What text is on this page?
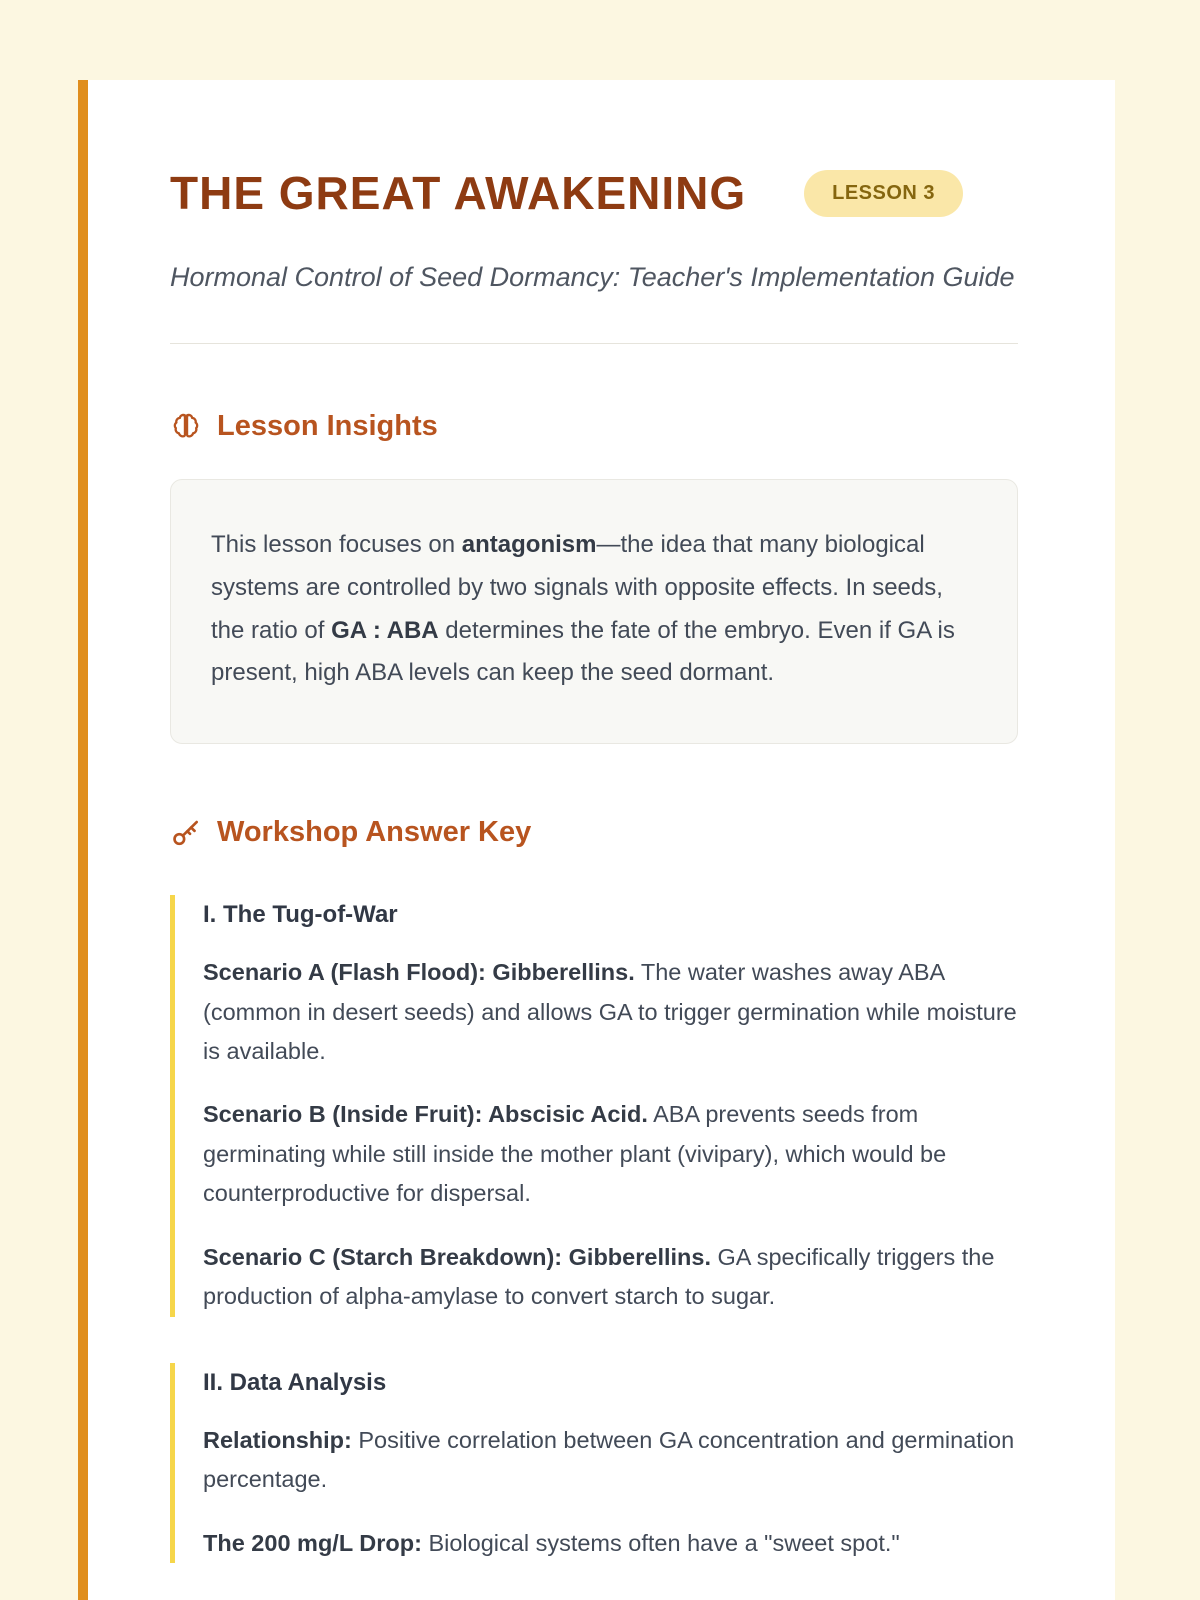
THE GREAT AWAKENING	LESSON 3
Hormonal Control of Seed Dormancy: Teacher's Implementation Guide
Lesson Insights
This lesson focuses on antagonism—the idea that many biological systems are controlled by two signals with opposite effects. In seeds, the ratio of GA : ABA determines the fate of the embryo. Even if GA is present, high ABA levels can keep the seed dormant.
Workshop Answer Key
I. The Tug-of-War

Scenario A (Flash Flood): Gibberellins. The water washes away ABA (common in desert seeds) and allows GA to trigger germination while moisture is available.

Scenario B (Inside Fruit): Abscisic Acid. ABA prevents seeds from germinating while still inside the mother plant (vivipary), which would be counterproductive for dispersal.

Scenario C (Starch Breakdown): Gibberellins. GA specifically triggers the production of alpha-amylase to convert starch to sugar.

II. Data Analysis

Relationship: Positive correlation between GA concentration and germination percentage.

The 200 mg/L Drop: Biological systems often have a "sweet spot."
